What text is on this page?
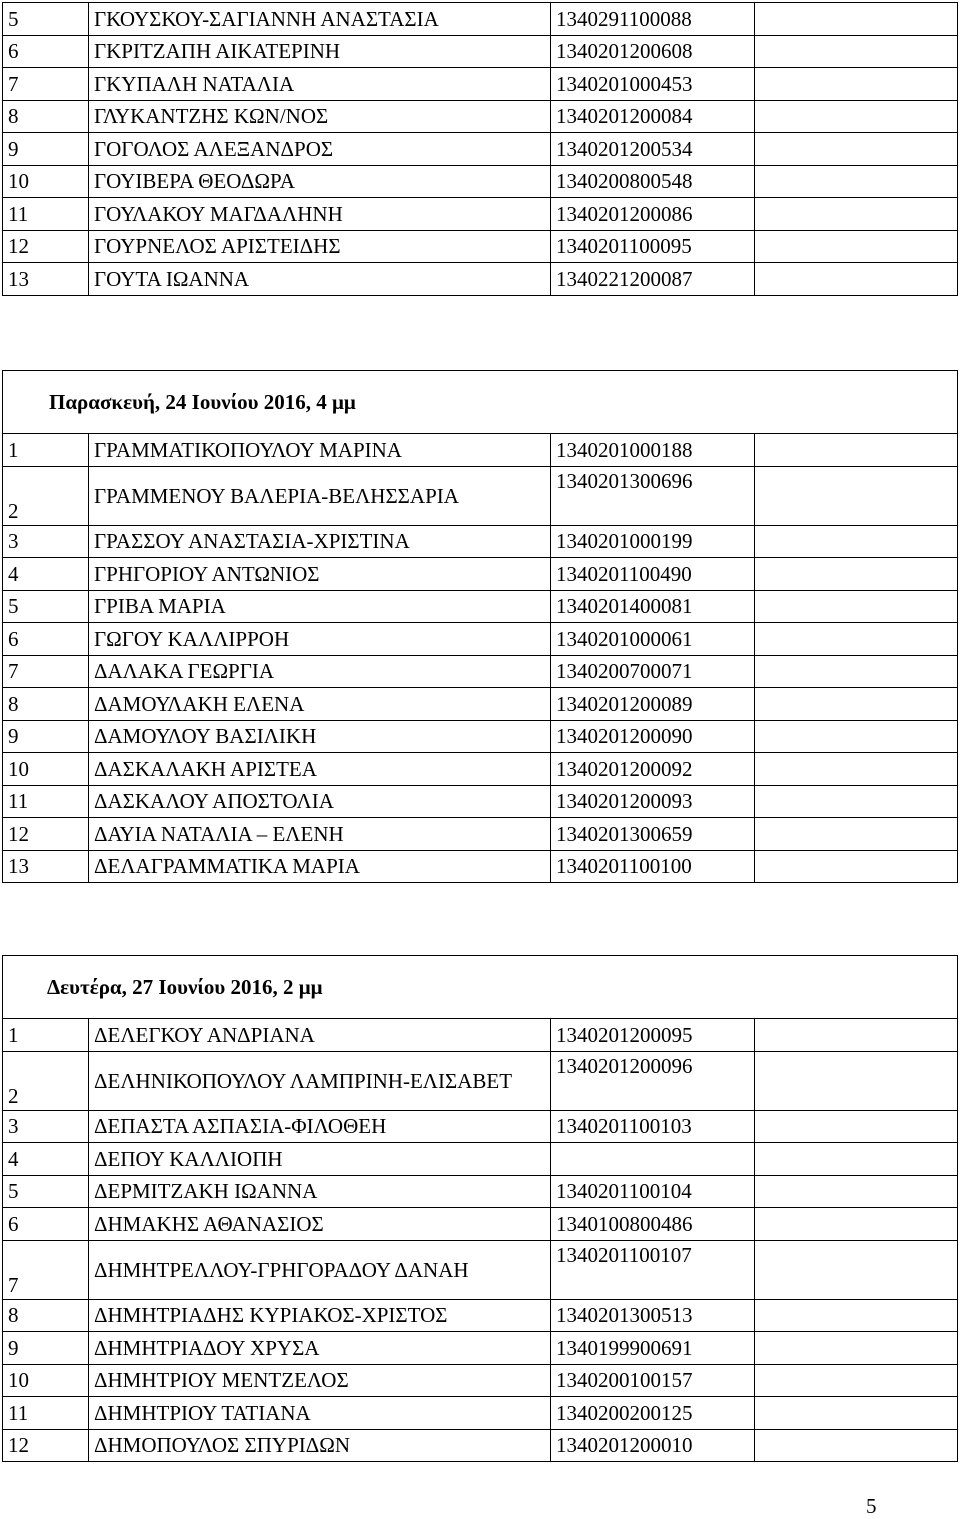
5	ΓΚΟΥΣΚΟΥ-ΣΑΓΙΑΝΝΗ ΑΝΑΣΤΑΣΙΑ	1340291100088	
6	ΓΚΡΙΤΖΑΠΗ ΑΙΚΑΤΕΡΙΝΗ	1340201200608	
7	ΓΚΥΠΑΛΗ ΝΑΤΑΛΙΑ	1340201000453	
8	ΓΛΥΚΑΝΤΖΗΣ ΚΩΝ/ΝΟΣ	1340201200084	
9	ΓΟΓΟΛΟΣ ΑΛΕΞΑΝΔΡΟΣ	1340201200534	
10	ΓΟΥΙΒΕΡΑ ΘΕΟΔΩΡΑ	1340200800548	
11	ΓΟΥΛΑΚΟΥ ΜΑΓΔΑΛΗΝΗ	1340201200086	
12	ΓΟΥΡΝΕΛΟΣ ΑΡΙΣΤΕΙΔΗΣ	1340201100095	
13	ΓΟΥΤΑ ΙΩΑΝΝΑ	1340221200087	
Παρασκευή, 24 Ιουνίου 2016, 4 μμ			
1	ΓΡΑΜΜΑΤΙΚΟΠΟΥΛΟΥ ΜΑΡΙΝΑ	1340201000188	
2	ΓΡΑΜΜΕΝΟΥ ΒΑΛΕΡΙΑ-ΒΕΛΗΣΣΑΡΙΑ	1340201300696	
3	ΓΡΑΣΣΟΥ ΑΝΑΣΤΑΣΙΑ-ΧΡΙΣΤΙΝΑ	1340201000199	
4	ΓΡΗΓΟΡΙΟΥ ΑΝΤΩΝΙΟΣ	1340201100490	
5	ΓΡΙΒΑ ΜΑΡΙΑ	1340201400081	
6	ΓΩΓΟΥ ΚΑΛΛΙΡΡΟΗ	1340201000061	
7	ΔΑΛΑΚΑ ΓΕΩΡΓΙΑ	1340200700071	
8	ΔΑΜΟΥΛΑΚΗ ΕΛΕΝΑ	1340201200089	
9	ΔΑΜΟΥΛΟΥ ΒΑΣΙΛΙΚΗ	1340201200090	
10	ΔΑΣΚΑΛΑΚΗ ΑΡΙΣΤΕΑ	1340201200092	
11	ΔΑΣΚΑΛΟΥ ΑΠΟΣΤΟΛΙΑ	1340201200093	
12	ΔΑΥΙΑ ΝΑΤΑΛΙΑ – ΕΛΕΝΗ	1340201300659	
13	ΔΕΛΑΓΡΑΜΜΑΤΙΚΑ ΜΑΡΙΑ	1340201100100	
Δευτέρα, 27 Ιουνίου 2016, 2 μμ			
1	ΔΕΛΕΓΚΟΥ ΑΝΔΡΙΑΝΑ	1340201200095	
2	ΔΕΛΗΝΙΚΟΠΟΥΛΟΥ ΛΑΜΠΡΙΝΗ-ΕΛΙΣΑΒΕΤ	1340201200096	
3	ΔΕΠΑΣΤΑ ΑΣΠΑΣΙΑ-ΦΙΛΟΘΕΗ	1340201100103	
4	ΔΕΠΟΥ ΚΑΛΛΙΟΠΗ		
5	ΔΕΡΜΙΤΖΑΚΗ ΙΩΑΝΝΑ	1340201100104	
6	ΔΗΜΑΚΗΣ ΑΘΑΝΑΣΙΟΣ	1340100800486	
7	ΔΗΜΗΤΡΕΛΛΟΥ-ΓΡΗΓΟΡΑΔΟΥ ΔΑΝΑΗ	1340201100107	
8	ΔΗΜΗΤΡΙΑΔΗΣ ΚΥΡΙΑΚΟΣ-ΧΡΙΣΤΟΣ	1340201300513	
9	ΔΗΜΗΤΡΙΑΔΟΥ ΧΡΥΣΑ	1340199900691	
10	ΔΗΜΗΤΡΙΟΥ ΜΕΝΤΖΕΛΟΣ	1340200100157	
11	ΔΗΜΗΤΡΙΟΥ ΤΑΤΙΑΝΑ	1340200200125	
12	ΔΗΜΟΠΟΥΛΟΣ ΣΠΥΡΙΔΩΝ	1340201200010	
5
